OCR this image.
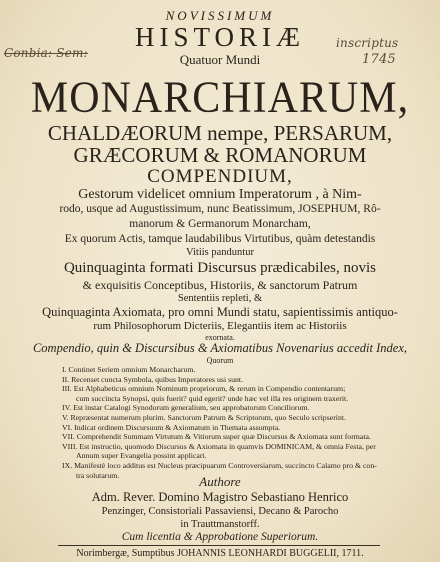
Conbia: Sem:
inscriptus
1745
NOVISSIMUM
HISTORIÆ
Quatuor Mundi
MONARCHIARUM,
CHALDÆORUM nempe, PERSARUM,
GRÆCORUM & ROMANORUM
COMPENDIUM,
Gestorum videlicet omnium Imperatorum , à Nim-
rodo, usque ad Augustissimum, nunc Beatissimum, JOSEPHUM, Rô-
manorum & Germanorum Monarcham,
Ex quorum Actis, tamque laudabilibus Virtutibus, quàm detestandis
Vitiis panduntur
Quinquaginta formati Discursus prædicabiles, novis
& exquisitis Conceptibus, Historiis, & sanctorum Patrum
Sententiis repleti, &
Quinquaginta Axiomata, pro omni Mundi statu, sapientissimis antiquo-
rum Philosophorum Dicteriis, Elegantiis item ac Historiis
exornata.
Compendio, quin & Discursibus & Axiomatibus Novenarius accedit Index,
Quorum
I. Continet Seriem omnium Monarcharum.
II. Recenset cuncta Symbola, quibus Imperatores usi sunt.
III. Est Alphabeticus omnium Nominum propriorum, & rerum in Compendio contentarum;
cum succincta Synopsi, quis fuerit? quid egerit? unde hæc vel illa res originem traxerit.
IV. Est instar Catalogi Synodorum generalium, seu approbatorum Conciliorum.
V. Repræsentat numerum plurim. Sanctorum Patrum & Scriptorum, quo Seculo scripserint.
VI. Indicat ordinem Discursuum & Axiomatum in Themata assumpta.
VII. Comprehendit Summam Virtutum & Vitiorum super quæ Discursus & Axiomata sunt formata.
VIII. Est instructio, quomodo Discursus & Axiomata in quamvis DOMINICAM, & omnia Festa, per
Annum super Evangelia possint applicari.
IX. Manifestè loco additus est Nucleus præcipuarum Controversiarum, succincto Calamo pro & con-
tra solutarum.	Authore
Adm. Rever. Domino Magistro Sebastiano Henrico
Penzinger, Consistoriali Passaviensi, Decano & Parocho
in Trauttmanstorff.
Cum licentia & Approbatione Superiorum.
Norimbergæ, Sumptibus JOHANNIS LEONHARDI BUGGELII, 1711.
